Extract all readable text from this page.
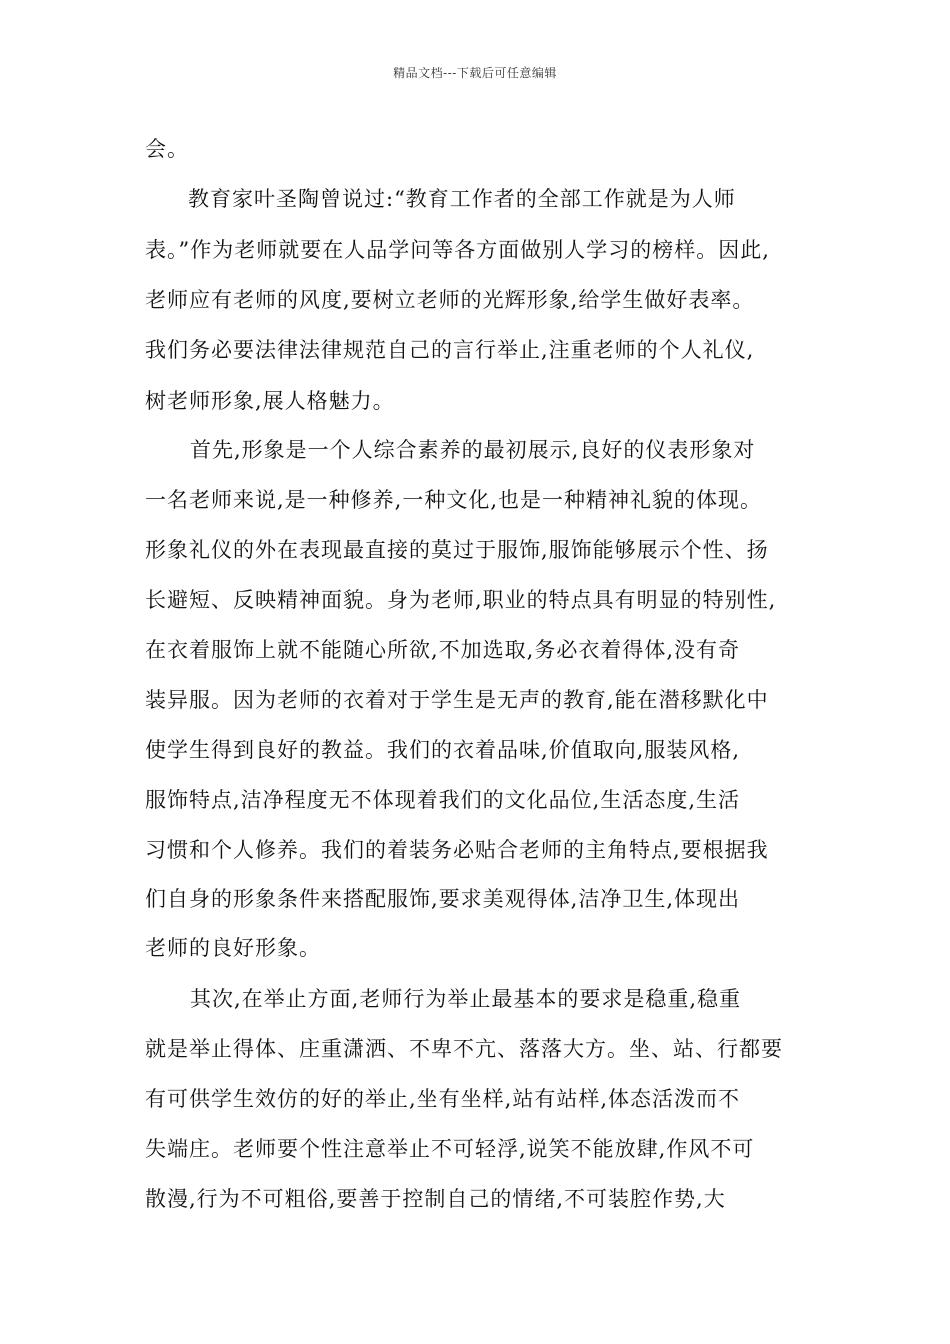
精品文档---下载后可任意编辑
会。
教育家叶圣陶曾说过:“教育工作者的全部工作就是为人师
表。”作为老师就要在人品学问等各方面做别人学习的榜样。因此,
老师应有老师的风度,要树立老师的光辉形象,给学生做好表率。
我们务必要法律法律规范自己的言行举止,注重老师的个人礼仪,
树老师形象,展人格魅力。
首先,形象是一个人综合素养的最初展示,良好的仪表形象对
一名老师来说,是一种修养,一种文化,也是一种精神礼貌的体现。
形象礼仪的外在表现最直接的莫过于服饰,服饰能够展示个性、扬
长避短、反映精神面貌。身为老师,职业的特点具有明显的特别性,
在衣着服饰上就不能随心所欲,不加选取,务必衣着得体,没有奇
装异服。因为老师的衣着对于学生是无声的教育,能在潜移默化中
使学生得到良好的教益。我们的衣着品味,价值取向,服装风格,
服饰特点,洁净程度无不体现着我们的文化品位,生活态度,生活
习惯和个人修养。我们的着装务必贴合老师的主角特点,要根据我
们自身的形象条件来搭配服饰,要求美观得体,洁净卫生,体现出
老师的良好形象。
其次,在举止方面,老师行为举止最基本的要求是稳重,稳重
就是举止得体、庄重潇洒、不卑不亢、落落大方。坐、站、行都要
有可供学生效仿的好的举止,坐有坐样,站有站样,体态活泼而不
失端庄。老师要个性注意举止不可轻浮,说笑不能放肆,作风不可
散漫,行为不可粗俗,要善于控制自己的情绪,不可装腔作势,大
